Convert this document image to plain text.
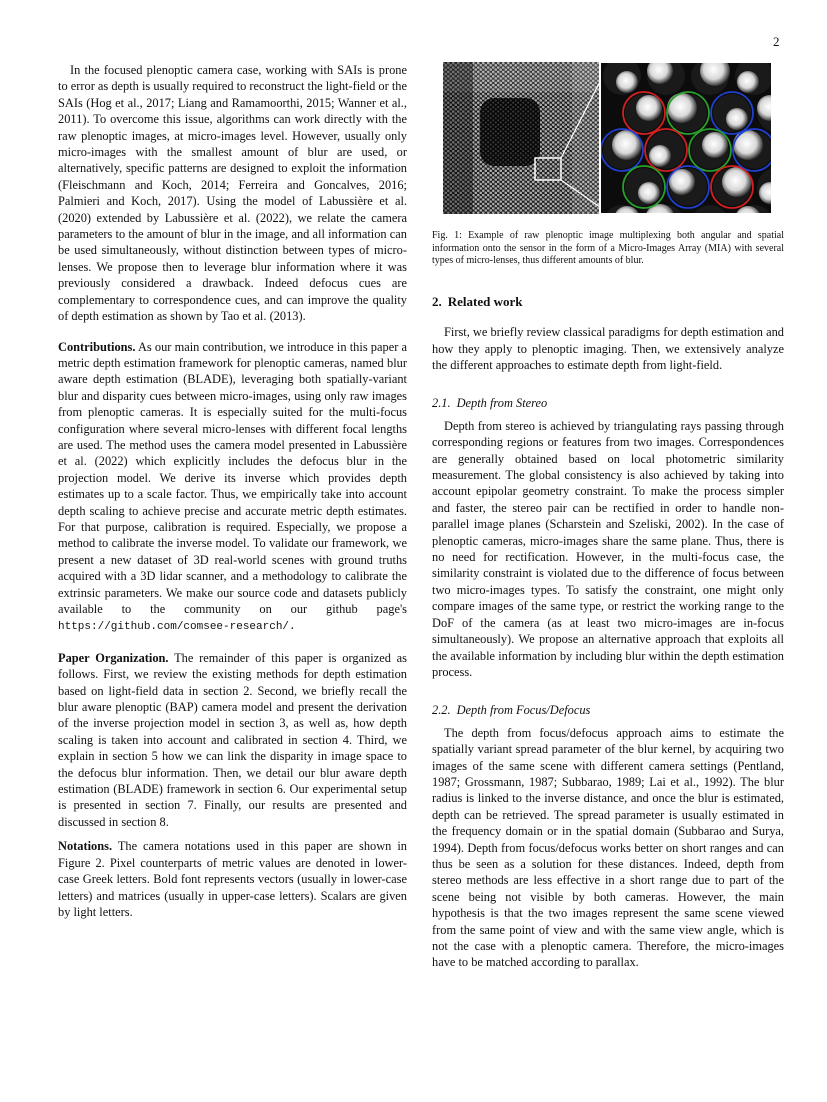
2

In the focused plenoptic camera case, working with SAIs is prone to error as depth is usually required to reconstruct the light-field or the SAIs (Hog et al., 2017; Liang and Ramamoorthi, 2015; Wanner et al., 2011). To overcome this issue, algorithms can work directly with the raw plenoptic images, at micro-images level. However, usually only micro-images with the smallest amount of blur are used, or alternatively, specific patterns are designed to exploit the information (Fleischmann and Koch, 2014; Ferreira and Goncalves, 2016; Palmieri and Koch, 2017). Using the model of Labussière et al. (2020) extended by Labussière et al. (2022), we relate the camera parameters to the amount of blur in the image, and all information can be used simultaneously, without distinction between types of micro-lenses. We propose then to leverage blur information where it was previously considered a drawback. Indeed defocus cues are complementary to correspondence cues, and can improve the quality of depth estimation as shown by Tao et al. (2013).

Contributions. As our main contribution, we introduce in this paper a metric depth estimation framework for plenoptic cameras, named blur aware depth estimation (BLADE), leveraging both spatially-variant blur and disparity cues between micro-images, using only raw images from plenoptic cameras. It is especially suited for the multi-focus configuration where several micro-lenses with different focal lengths are used. The method uses the camera model presented in Labussière et al. (2022) which explicitly includes the defocus blur in the projection model. We derive its inverse which provides depth estimates up to a scale factor. Thus, we empirically take into account depth scaling to achieve precise and accurate metric depth estimates. For that purpose, calibration is required. Especially, we propose a method to calibrate the inverse model. To validate our framework, we present a new dataset of 3D real-world scenes with ground truths acquired with a 3D lidar scanner, and a methodology to calibrate the extrinsic parameters. We make our source code and datasets publicly available to the community on our github page's https://github.com/comsee-research/.

Paper Organization. The remainder of this paper is organized as follows. First, we review the existing methods for depth estimation based on light-field data in section 2. Second, we briefly recall the blur aware plenoptic (BAP) camera model and present the derivation of the inverse projection model in section 3, as well as, how depth scaling is taken into account and calibrated in section 4. Third, we explain in section 5 how we can link the disparity in image space to the defocus blur information. Then, we detail our blur aware depth estimation (BLADE) framework in section 6. Our experimental setup is presented in section 7. Finally, our results are presented and discussed in section 8.

Notations. The camera notations used in this paper are shown in Figure 2. Pixel counterparts of metric values are denoted in lower-case Greek letters. Bold font represents vectors (usually in lower-case letters) and matrices (usually in upper-case letters). Scalars are given by light letters.

Fig. 1: Example of raw plenoptic image multiplexing both angular and spatial information onto the sensor in the form of a Micro-Images Array (MIA) with several types of micro-lenses, thus different amounts of blur.

2. Related work

First, we briefly review classical paradigms for depth estimation and how they apply to plenoptic imaging. Then, we extensively analyze the different approaches to estimate depth from light-field.

2.1. Depth from Stereo

Depth from stereo is achieved by triangulating rays passing through corresponding regions or features from two images. Correspondences are generally obtained based on local photometric similarity measurement. The global consistency is also achieved by taking into account epipolar geometry constraint. To make the process simpler and faster, the stereo pair can be rectified in order to handle non-parallel image planes (Scharstein and Szeliski, 2002). In the case of plenoptic cameras, micro-images share the same plane. Thus, there is no need for rectification. However, in the multi-focus case, the similarity constraint is violated due to the difference of focus between two micro-images types. To satisfy the constraint, one might only compare images of the same type, or restrict the working range to the DoF of the camera (as at least two micro-images are in-focus simultaneously). We propose an alternative approach that exploits all the available information by including blur within the depth estimation process.

2.2. Depth from Focus/Defocus

The depth from focus/defocus approach aims to estimate the spatially variant spread parameter of the blur kernel, by acquiring two images of the same scene with different camera settings (Pentland, 1987; Grossmann, 1987; Subbarao, 1989; Lai et al., 1992). The blur radius is linked to the inverse distance, and once the blur is estimated, depth can be retrieved. The spread parameter is usually estimated in the frequency domain or in the spatial domain (Subbarao and Surya, 1994). Depth from focus/defocus works better on short ranges and can thus be seen as a solution for these distances. Indeed, depth from stereo methods are less effective in a short range due to part of the scene being not visible by both cameras. However, the main hypothesis is that the two images represent the same scene viewed from the same point of view and with the same view angle, which is not the case with a plenoptic camera. Therefore, the micro-images have to be matched according to parallax.
